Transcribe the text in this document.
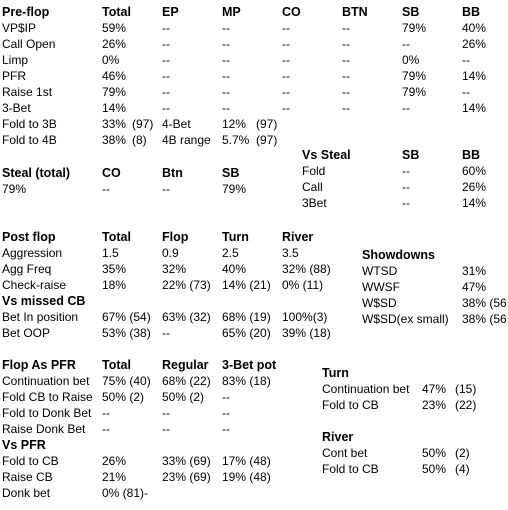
Pre-flop	Total EP	MP	CO	BTN	SB	BB
VP$IP	59%	--	--	--	--	79%	40%
Call Open	26%	--	--	--	--	--	26%
Limp	0%	--	--	--	--	0%	--
PFR	46%	--	--	--	--	79%	14%
Raise 1st	79%	--	--	--	--	79%	--
3-Bet	14%	--	--	--	--	--	14%
Fold to 3B	33% (97) 4-Bet	12% (97)
Fold to 4B	38% (8) 4B range 5.7% (97)
Vs Steal	SB	BB
Fold	--	60%
Call	--	26%
3Bet	--	14%
Steal (total)	CO	Btn	SB
79%	--	--	79%
Post flop	Total Flop	Turn	River
Aggression	1.5	0.9	2.5	3.5
Agg Freq	35%	32%	40%	32% (88)
Check-raise	18%	22% (73) 14% (21) 0% (11)
Vs missed CB
Bet In position 67% (54) 63% (32) 68% (19) 100%(3)
Bet OOP	53% (38) --	65% (20) 39% (18)
Showdowns
WTSD	31%
WWSF	47%
W$SD	38% (56
W$SD(ex small) 38% (56
Flop As PFR Total Regular 3-Bet pot
Continuation bet 75% (40) 68% (22) 83% (18)
Fold CB to Raise 50% (2) 50% (2) --
Fold to Donk Bet --	--	--
Raise Donk Bet --	--	--
Vs PFR
Fold to CB	26%	33% (69) 17% (48)
Raise CB	21%	23% (69) 19% (48)
Donk bet	0% (81)-
Turn
Continuation bet 47% (15)
Fold to CB	23% (22)
River
Cont bet	50% (2)
Fold to CB	50% (4)
